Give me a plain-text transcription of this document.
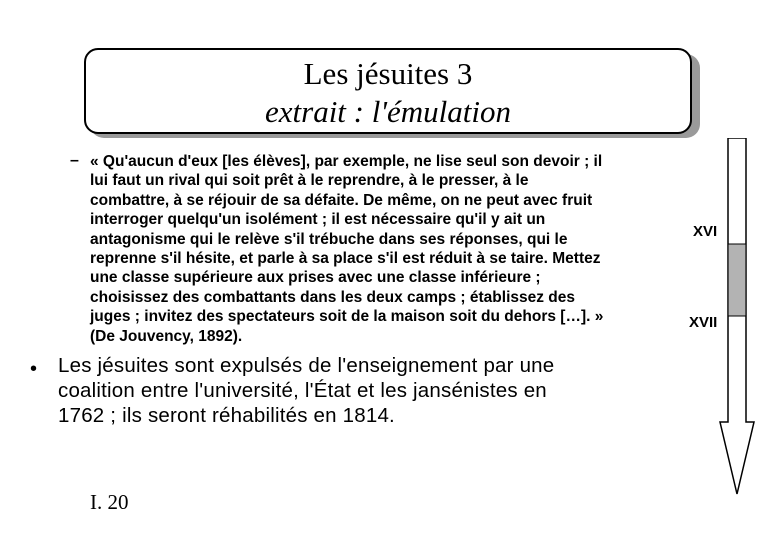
Les jésuites 3
extrait : l'émulation
– « Qu'aucun d'eux [les élèves], par exemple, ne lise seul son devoir ; il
lui faut un rival qui soit prêt à le reprendre, à le presser, à le
combattre, à se réjouir de sa défaite. De même, on ne peut avec fruit
interroger quelqu'un isolément ; il est nécessaire qu'il y ait un
antagonisme qui le relève s'il trébuche dans ses réponses, qui le
reprenne s'il hésite, et parle à sa place s'il est réduit à se taire. Mettez
une classe supérieure aux prises avec une classe inférieure ;
choisissez des combattants dans les deux camps ; établissez des
juges ; invitez des spectateurs soit de la maison soit du dehors […]. »
(De Jouvency, 1892).
• Les jésuites sont expulsés de l'enseignement par une
coalition entre l'université, l'État et les jansénistes en
1762 ; ils seront réhabilités en 1814.
XVI
XVII
I. 20
